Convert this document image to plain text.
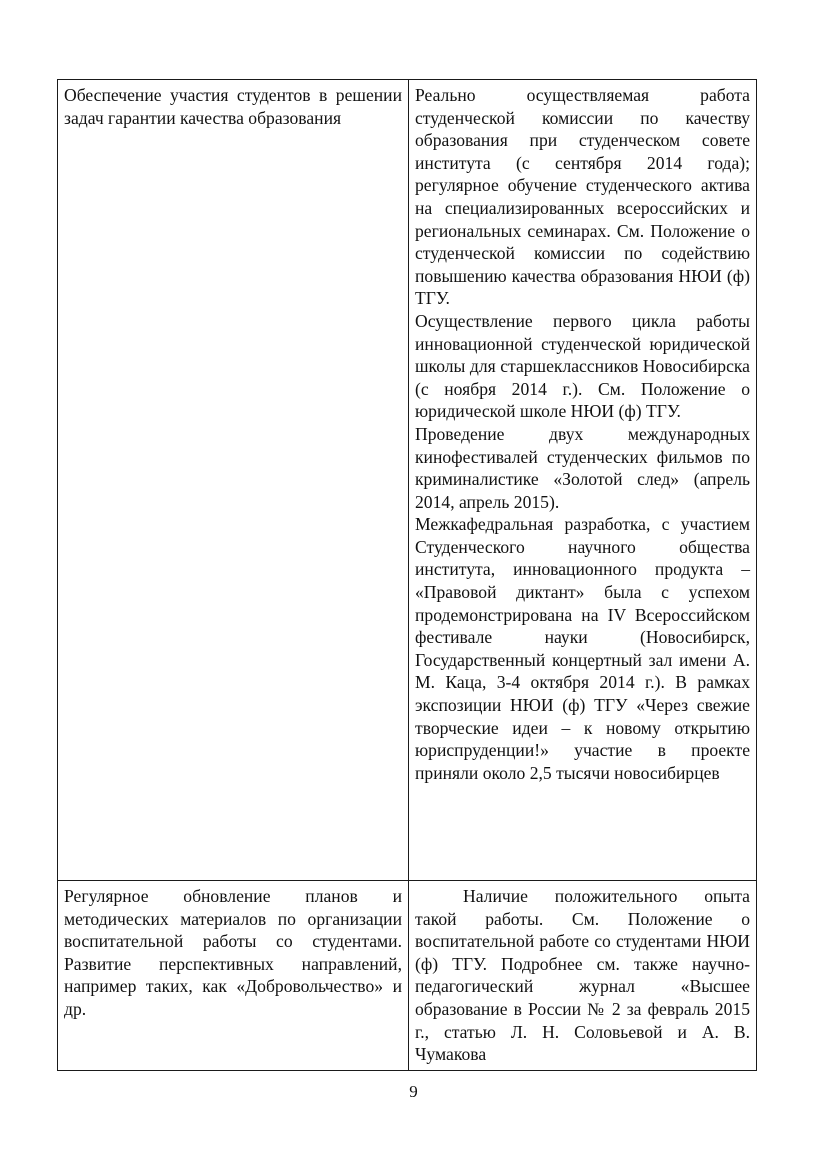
Обеспечение участия студентов в решении задач гарантии качества образования	Реально осуществляемая работа студенческой комиссии по качеству образования при студенческом совете института (с сентября 2014 года); регулярное обучение студенческого актива на специализированных всероссийских и региональных семинарах. См. Положение о студенческой комиссии по содействию повышению качества образования НЮИ (ф) ТГУ.

Осуществление первого цикла работы инновационной студенческой юридической школы для старшеклассников Новосибирска (с ноября 2014 г.). См. Положение о юридической школе НЮИ (ф) ТГУ.

Проведение двух международных кинофестивалей студенческих фильмов по криминалистике «Золотой след» (апрель 2014, апрель 2015).

Межкафедральная разработка, с участием Студенческого научного общества института, инновационного продукта – «Правовой диктант» была с успехом продемонстрирована на IV Всероссийском фестивале науки (Новосибирск, Государственный концертный зал имени А. М. Каца, 3-4 октября 2014 г.). В рамках экспозиции НЮИ (ф) ТГУ «Через свежие творческие идеи – к новому открытию юриспруденции!» участие в проекте приняли около 2,5 тысячи новосибирцев

Регулярное обновление планов и методических материалов по организации воспитательной работы со студентами. Развитие перспективных направлений, например таких, как «Добровольчество» и др.	Наличие положительного опыта такой работы. См. Положение о воспитательной работе со студентами НЮИ (ф) ТГУ. Подробнее см. также научно-педагогический журнал «Высшее образование в России № 2 за февраль 2015 г., статью Л. Н. Соловьевой и А. В. Чумакова

9
